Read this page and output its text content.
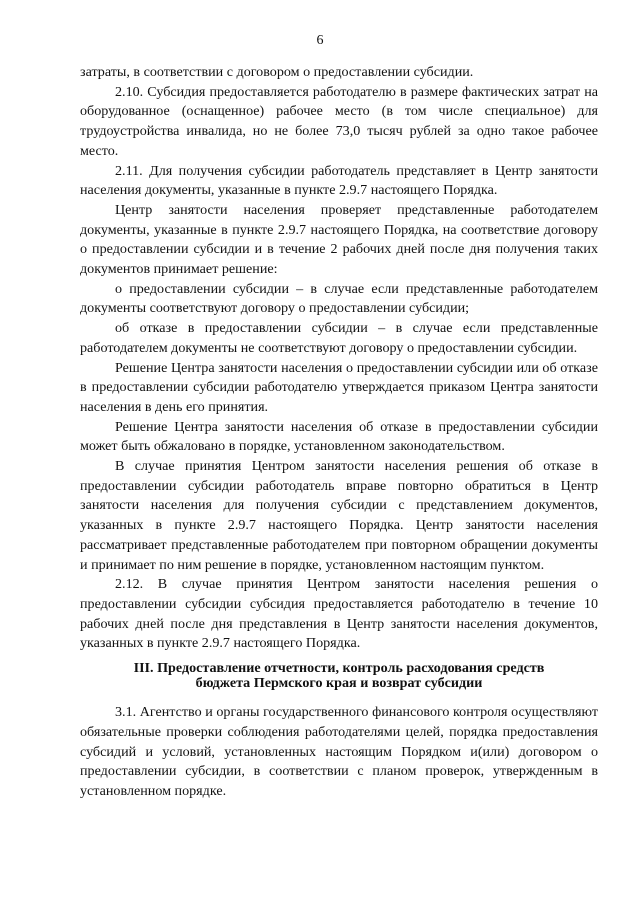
6

затраты, в соответствии с договором о предоставлении субсидии.

2.10. Субсидия предоставляется работодателю в размере фактических затрат на оборудованное (оснащенное) рабочее место (в том числе специальное) для трудоустройства инвалида, но не более 73,0 тысяч рублей за одно такое рабочее место.

2.11. Для получения субсидии работодатель представляет в Центр занятости населения документы, указанные в пункте 2.9.7 настоящего Порядка.

Центр занятости населения проверяет представленные работодателем документы, указанные в пункте 2.9.7 настоящего Порядка, на соответствие договору о предоставлении субсидии и в течение 2 рабочих дней после дня получения таких документов принимает решение:

о предоставлении субсидии – в случае если представленные работодателем документы соответствуют договору о предоставлении субсидии;

об отказе в предоставлении субсидии – в случае если представленные работодателем документы не соответствуют договору о предоставлении субсидии.

Решение Центра занятости населения о предоставлении субсидии или об отказе в предоставлении субсидии работодателю утверждается приказом Центра занятости населения в день его принятия.

Решение Центра занятости населения об отказе в предоставлении субсидии может быть обжаловано в порядке, установленном законодательством.

В случае принятия Центром занятости населения решения об отказе в предоставлении субсидии работодатель вправе повторно обратиться в Центр занятости населения для получения субсидии с представлением документов, указанных в пункте 2.9.7 настоящего Порядка. Центр занятости населения рассматривает представленные работодателем при повторном обращении документы и принимает по ним решение в порядке, установленном настоящим пунктом.

2.12. В случае принятия Центром занятости населения решения о предоставлении субсидии субсидия предоставляется работодателю в течение 10 рабочих дней после дня представления в Центр занятости населения документов, указанных в пункте 2.9.7 настоящего Порядка.

III. Предоставление отчетности, контроль расходования средств
бюджета Пермского края и возврат субсидии

3.1. Агентство и органы государственного финансового контроля осуществляют обязательные проверки соблюдения работодателями целей, порядка предоставления субсидий и условий, установленных настоящим Порядком и(или) договором о предоставлении субсидии, в соответствии с планом проверок, утвержденным в установленном порядке.
